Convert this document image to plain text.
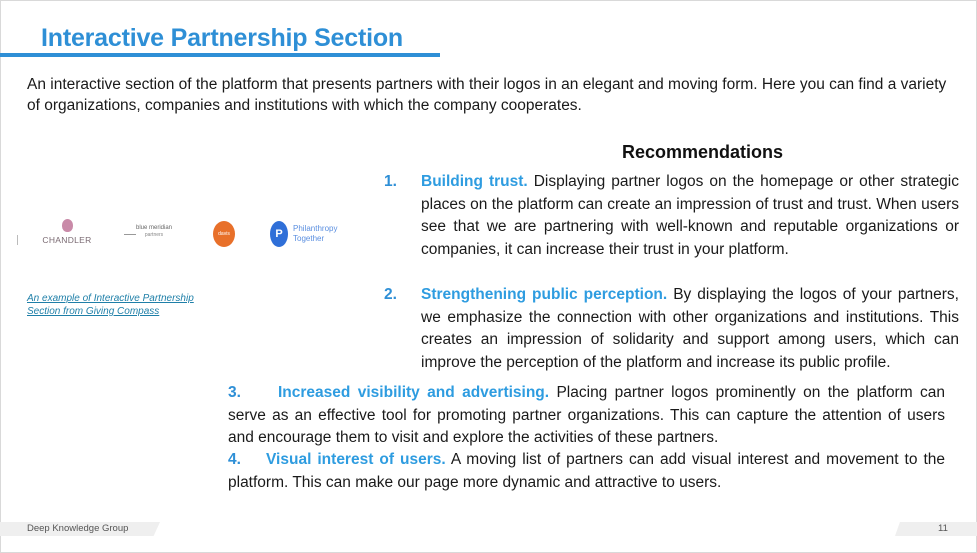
Interactive Partnership Section
An interactive section of the platform that presents partners with their logos in an elegant and moving form. Here you can find a variety of organizations, companies and institutions with which the company cooperates.
CHANDLER
blue meridian
partners	davis	P	Philanthropy
Together
An example of Interactive Partnership Section from Giving Compass
Recommendations
1. Building trust. Displaying partner logos on the homepage or other strategic places on the platform can create an impression of trust and trust. When users see that we are partnering with well-known and reputable organizations or companies, it can increase their trust in your platform.
2. Strengthening public perception. By displaying the logos of your partners, we emphasize the connection with other organizations and institutions. This creates an impression of solidarity and support among users, which can improve the perception of the platform and increase its public profile.
3. Increased visibility and advertising. Placing partner logos prominently on the platform can serve as an effective tool for promoting partner organizations. This can capture the attention of users and encourage them to visit and explore the activities of these partners.
4. Visual interest of users. A moving list of partners can add visual interest and movement to the platform. This can make our page more dynamic and attractive to users.
Deep Knowledge Group	11
